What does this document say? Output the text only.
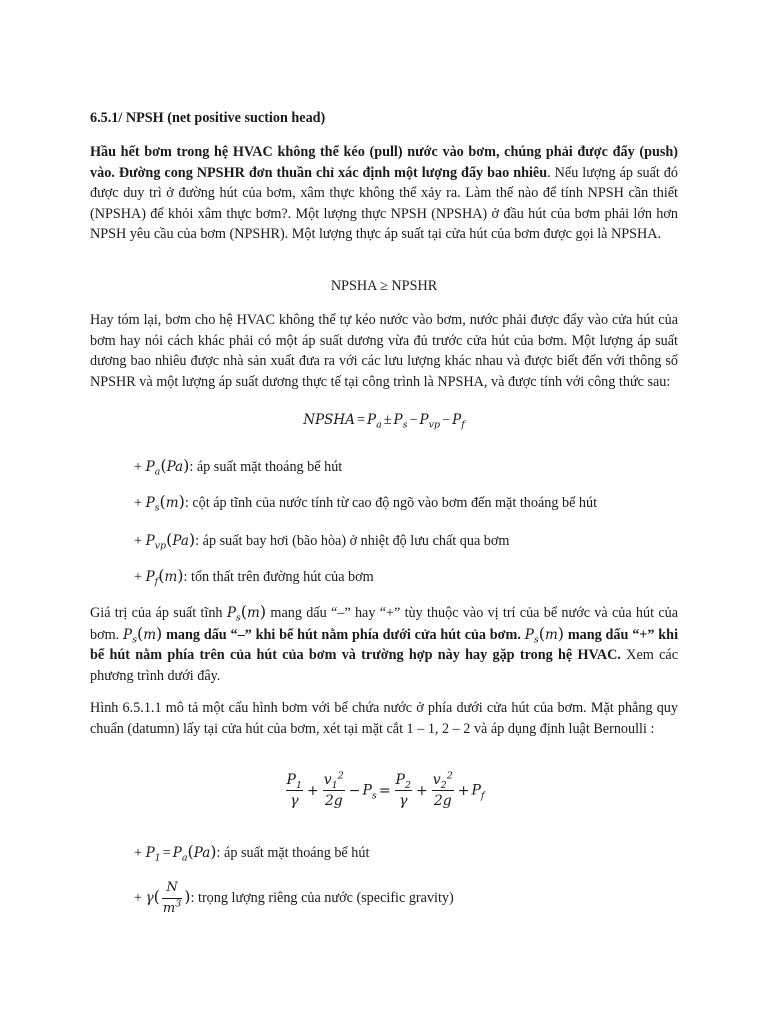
6.5.1/ NPSH (net positive suction head)
Hầu hết bơm trong hệ HVAC không thể kéo (pull) nước vào bơm, chúng phải được đẩy (push) vào. Đường cong NPSHR đơn thuần chỉ xác định một lượng đẩy bao nhiêu. Nếu lượng áp suất đó được duy trì ở đường hút của bơm, xâm thực không thể xảy ra. Làm thế nào để tính NPSH cần thiết (NPSHA) để khỏi xâm thực bơm?. Một lượng thực NPSH (NPSHA) ở đầu hút của bơm phải lớn hơn NPSH yêu cầu của bơm (NPSHR). Một lượng thực áp suất tại cửa hút của bơm được gọi là NPSHA.
NPSHA ≥ NPSHR
Hay tóm lại, bơm cho hệ HVAC không thể tự kéo nước vào bơm, nước phải được đẩy vào cửa hút của bơm hay nói cách khác phải có một áp suất dương vừa đủ trước cửa hút của bơm. Một lượng áp suất dương bao nhiêu được nhà sản xuất đưa ra với các lưu lượng khác nhau và được biết đến với thông số NPSHR và một lượng áp suất dương thực tế tại công trình là NPSHA, và được tính với công thức sau:
NPSHA = $P_a \pm P_s - P_{vp} - P_f$
+ $P_a(Pa)$: áp suất mặt thoáng bể hút
+ $P_s(m)$: cột áp tĩnh của nước tính từ cao độ ngõ vào bơm đến mặt thoáng bể hút
+ $P_{vp}(Pa)$: áp suất bay hơi (bão hòa) ở nhiệt độ lưu chất qua bơm
+ $P_f(m)$: tổn thất trên đường hút của bơm
Giá trị của áp suất tĩnh $P_s(m)$ mang dấu “–” hay “+” tùy thuộc vào vị trí của bể nước và của hút của bơm. $P_s(m)$ mang dấu “–” khi bể hút nằm phía dưới cửa hút của bơm. $P_s(m)$ mang dấu “+” khi bể hút nằm phía trên của hút của bơm và trường hợp này hay gặp trong hệ HVAC. Xem các phương trình dưới đây.
Hình 6.5.1.1 mô tả một cấu hình bơm với bể chứa nước ở phía dưới cửa hút của bơm. Mặt phẳng quy chuẩn (datumn) lấy tại cửa hút của bơm, xét tại mặt cắt 1 – 1, 2 – 2 và áp dụng định luật Bernoulli :
$\frac{P_1}{\gamma} + \frac{v_1^2}{2g} - P_s = \frac{P_2}{\gamma} + \frac{v_2^2}{2g} + P_f$
+ $P_1 = P_a(Pa)$: áp suất mặt thoáng bể hút
+ $\gamma( \frac{N}{m^3}$ ): trọng lượng riêng của nước (specific gravity)
